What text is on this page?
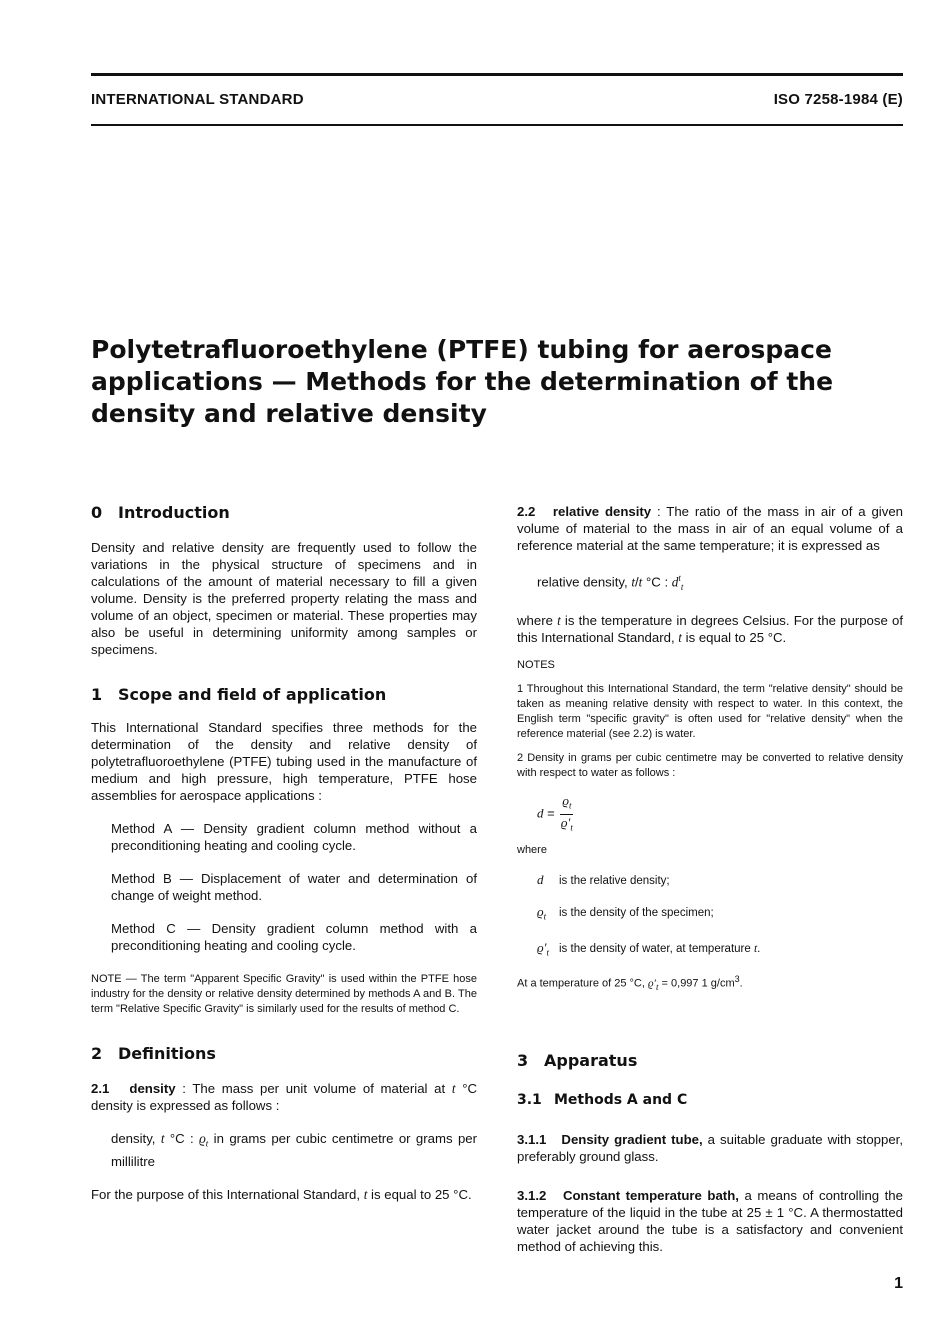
INTERNATIONAL STANDARD	ISO 7258-1984 (E)
Polytetrafluoroethylene (PTFE) tubing for aerospace
applications — Methods for the determination of the
density and relative density
0 Introduction

Density and relative density are frequently used to follow the variations in the physical structure of specimens and in calculations of the amount of material necessary to fill a given volume. Density is the preferred property relating the mass and volume of an object, specimen or material. These properties may also be useful in determining uniformity among samples or specimens.

1 Scope and field of application

This International Standard specifies three methods for the determination of the density and relative density of polytetrafluoroethylene (PTFE) tubing used in the manufacture of medium and high pressure, high temperature, PTFE hose assemblies for aerospace applications :

Method A — Density gradient column method without a preconditioning heating and cooling cycle.

Method B — Displacement of water and determination of change of weight method.

Method C — Density gradient column method with a preconditioning heating and cooling cycle.

NOTE — The term "Apparent Specific Gravity" is used within the PTFE hose industry for the density or relative density determined by methods A and B. The term "Relative Specific Gravity" is similarly used for the results of method C.

2 Definitions

2.1 density : The mass per unit volume of material at t °C density is expressed as follows :

density, t °C : $ϱ_t$ in grams per cubic centimetre or grams per millilitre

For the purpose of this International Standard, t is equal to 25 °C.

2.2 relative density : The ratio of the mass in air of a given volume of material to the mass in air of an equal volume of a reference material at the same temperature; it is expressed as

relative density, t/t °C : $d^t_t$

where t is the temperature in degrees Celsius. For the purpose of this International Standard, t is equal to 25 °C.

NOTES

1 Throughout this International Standard, the term "relative density" should be taken as meaning relative density with respect to water. In this context, the English term "specific gravity" is often used for "relative density" when the reference material (see 2.2) is water.

2 Density in grams per cubic centimetre may be converted to relative density with respect to water as follows :

$d = \frac{ϱ_t}{ϱ'_t}$

where

d is the relative density;
$ϱ_t$ is the density of the specimen;
$ϱ'_t$ is the density of water, at temperature t.

At a temperature of 25 °C, $ϱ'_t = 0,997$ 1 $g/cm^3$.

3 Apparatus
3.1 Methods A and C

3.1.1 Density gradient tube, a suitable graduate with stopper, preferably ground glass.

3.1.2 Constant temperature bath, a means of controlling the temperature of the liquid in the tube at 25 ± 1 °C. A thermostatted water jacket around the tube is a satisfactory and convenient method of achieving this.

1
